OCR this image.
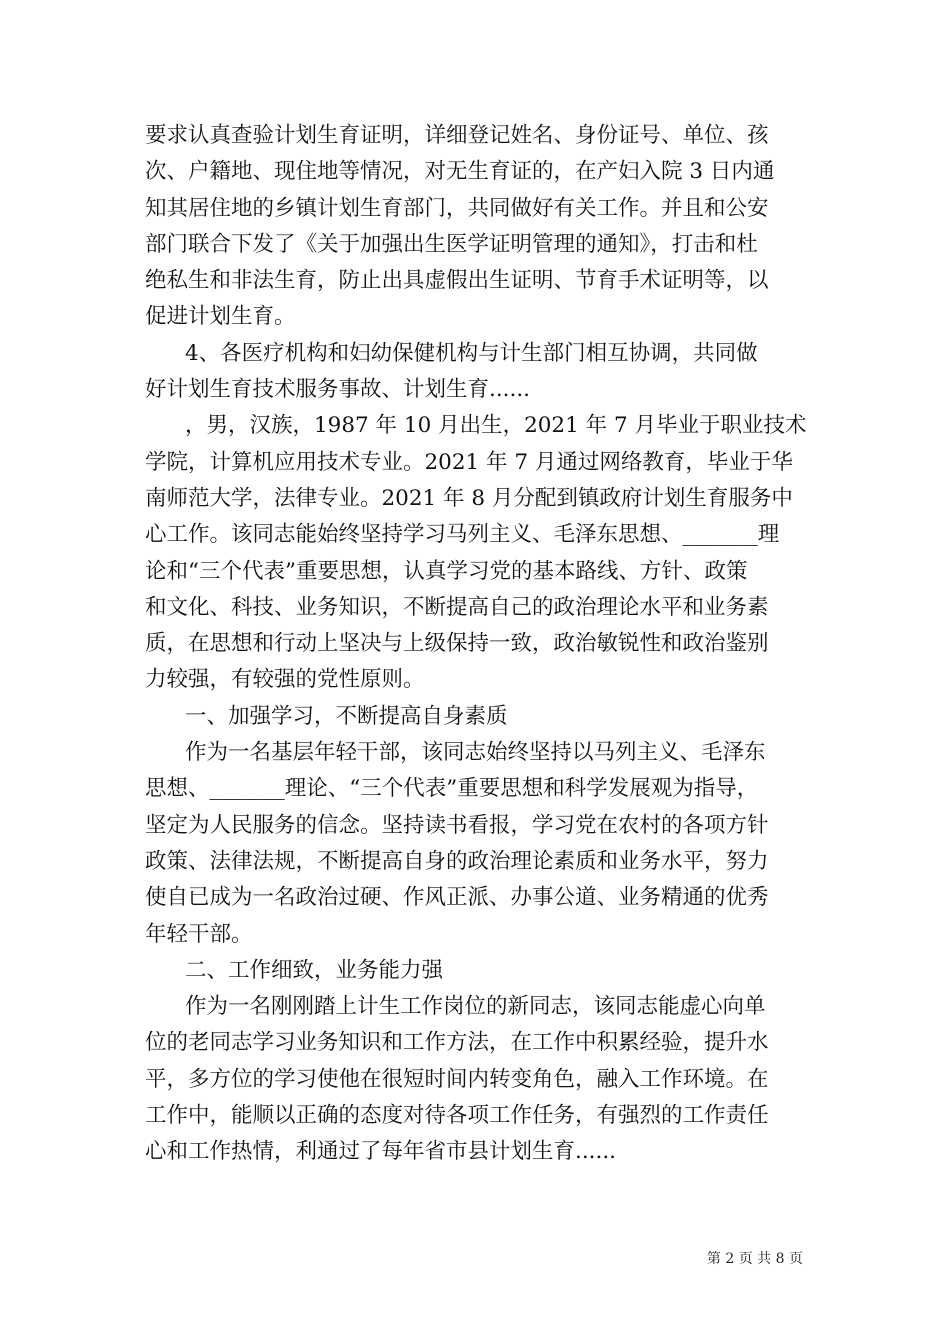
要求认真查验计划生育证明，详细登记姓名、身份证号、单位、孩
次、户籍地、现住地等情况，对无生育证的，在产妇入院 3 日内通
知其居住地的乡镇计划生育部门，共同做好有关工作。并且和公安
部门联合下发了《关于加强出生医学证明管理的通知》，打击和杜
绝私生和非法生育，防止出具虚假出生证明、节育手术证明等，以
促进计划生育。
4、各医疗机构和妇幼保健机构与计生部门相互协调，共同做
好计划生育技术服务事故、计划生育......
，男，汉族，1987 年 10 月出生，2021 年 7 月毕业于职业技术
学院，计算机应用技术专业。2021 年 7 月通过网络教育，毕业于华
南师范大学，法律专业。2021 年 8 月分配到镇政府计划生育服务中
心工作。该同志能始终坚持学习马列主义、毛泽东思想、_______理
论和“三个代表”重要思想，认真学习党的基本路线、方针、政策
和文化、科技、业务知识，不断提高自己的政治理论水平和业务素
质，在思想和行动上坚决与上级保持一致，政治敏锐性和政治鉴别
力较强，有较强的党性原则。
一、加强学习，不断提高自身素质
作为一名基层年轻干部，该同志始终坚持以马列主义、毛泽东
思想、_______理论、“三个代表”重要思想和科学发展观为指导，
坚定为人民服务的信念。坚持读书看报，学习党在农村的各项方针
政策、法律法规，不断提高自身的政治理论素质和业务水平，努力
使自已成为一名政治过硬、作风正派、办事公道、业务精通的优秀
年轻干部。
二、工作细致，业务能力强
作为一名刚刚踏上计生工作岗位的新同志，该同志能虚心向单
位的老同志学习业务知识和工作方法，在工作中积累经验，提升水
平，多方位的学习使他在很短时间内转变角色，融入工作环境。在
工作中，能顺以正确的态度对待各项工作任务，有强烈的工作责任
心和工作热情，利通过了每年省市县计划生育......
第 2 页 共 8 页
